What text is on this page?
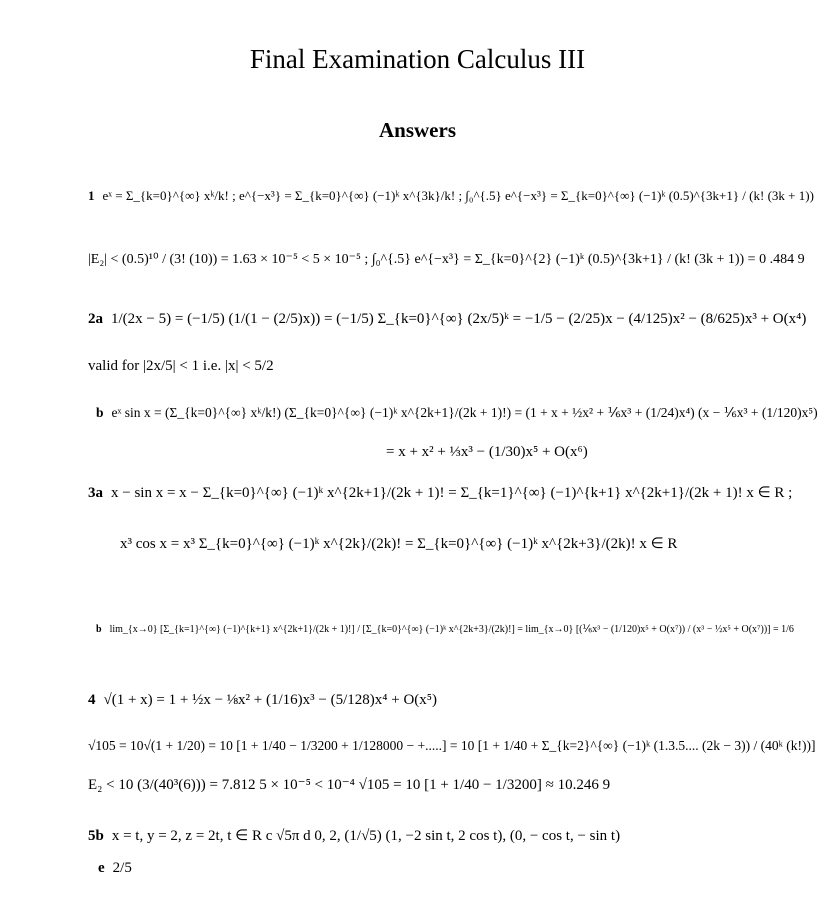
Final Examination Calculus III
Answers
1 eˣ = Σ_{k=0}^{∞} xᵏ/k! ; e^{−x³} = Σ_{k=0}^{∞} (−1)ᵏ x^{3k}/k! ; ∫₀^{.5} e^{−x³} = Σ_{k=0}^{∞} (−1)ᵏ (0.5)^{3k+1} / (k! (3k + 1))
|E₂| < (0.5)¹⁰ / (3! (10)) = 1.63 × 10⁻⁵ < 5 × 10⁻⁵ ; ∫₀^{.5} e^{−x³} = Σ_{k=0}^{2} (−1)ᵏ (0.5)^{3k+1} / (k! (3k + 1)) = 0 .484 9
2a 1/(2x − 5) = (−1/5) (1/(1 − (2/5)x)) = (−1/5) Σ_{k=0}^{∞} (2x/5)ᵏ = −1/5 − (2/25)x − (4/125)x² − (8/625)x³ + O(x⁴)
valid for |2x/5| < 1 i.e. |x| < 5/2
b eˣ sin x = (Σ_{k=0}^{∞} xᵏ/k!) (Σ_{k=0}^{∞} (−1)ᵏ x^{2k+1}/(2k + 1)!) = (1 + x + ½x² + ⅙x³ + (1/24)x⁴) (x − ⅙x³ + (1/120)x⁵)
= x + x² + ⅓x³ − (1/30)x⁵ + O(x⁶)
3a x − sin x = x − Σ_{k=0}^{∞} (−1)ᵏ x^{2k+1}/(2k + 1)! = Σ_{k=1}^{∞} (−1)^{k+1} x^{2k+1}/(2k + 1)! x ∈ R ;
x³ cos x = x³ Σ_{k=0}^{∞} (−1)ᵏ x^{2k}/(2k)! = Σ_{k=0}^{∞} (−1)ᵏ x^{2k+3}/(2k)! x ∈ R
b lim_{x→0} [Σ_{k=1}^{∞} (−1)^{k+1} x^{2k+1}/(2k + 1)!] / [Σ_{k=0}^{∞} (−1)ᵏ x^{2k+3}/(2k)!] = lim_{x→0} [(⅙x³ − (1/120)x⁵ + O(x⁷)) / (x³ − ½x⁵ + O(x⁷))] = 1/6
4 √(1 + x) = 1 + ½x − ⅛x² + (1/16)x³ − (5/128)x⁴ + O(x⁵)
√105 = 10√(1 + 1/20) = 10 [1 + 1/40 − 1/3200 + 1/128000 − +.....] = 10 [1 + 1/40 + Σ_{k=2}^{∞} (−1)ᵏ (1.3.5.... (2k − 3)) / (40ᵏ (k!))]
E₂ < 10 (3/(40³(6))) = 7.812 5 × 10⁻⁵ < 10⁻⁴ √105 = 10 [1 + 1/40 − 1/3200] ≈ 10.246 9
5b x = t, y = 2, z = 2t, t ∈ R c √5π d 0, 2, (1/√5) (1, −2 sin t, 2 cos t), (0, − cos t, − sin t)
e 2/5
